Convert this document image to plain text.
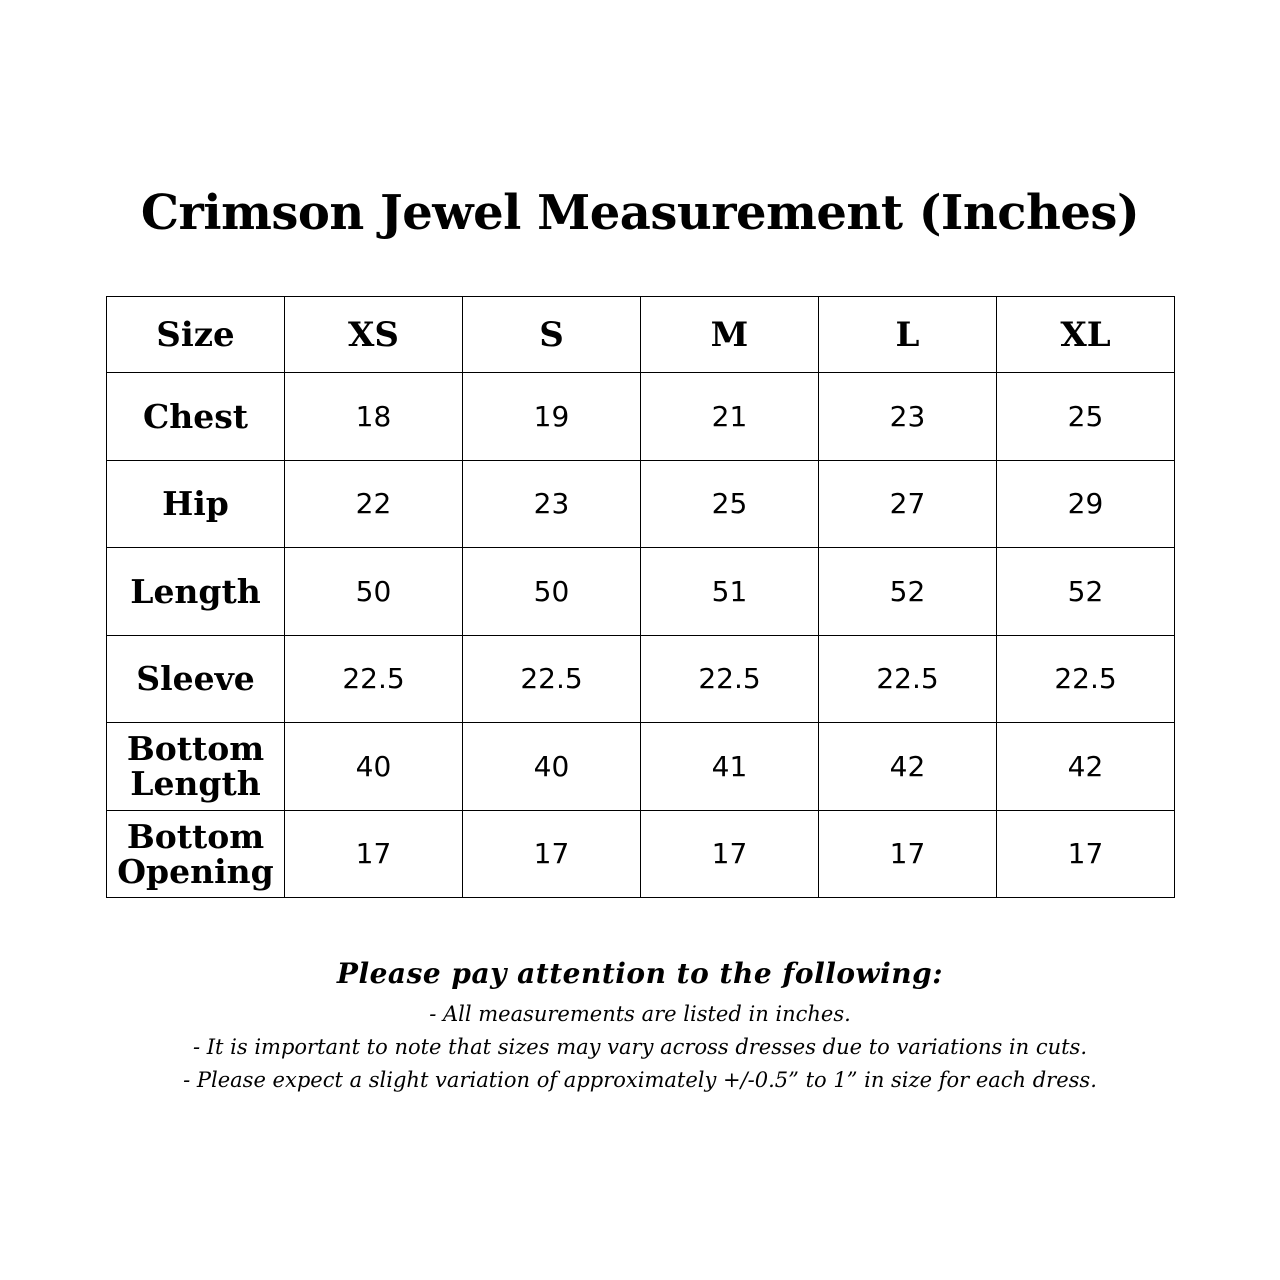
Crimson Jewel Measurement (Inches)
Size	XS	S	M	L	XL
Chest	18	19	21	23	25
Hip	22	23	25	27	29
Length	50	50	51	52	52
Sleeve	22.5	22.5	22.5	22.5	22.5
Bottom Length	40	40	41	42	42
Bottom Opening	17	17	17	17	17
Please pay attention to the following:
- All measurements are listed in inches.
- It is important to note that sizes may vary across dresses due to variations in cuts.
- Please expect a slight variation of approximately +/-0.5” to 1” in size for each dress.
